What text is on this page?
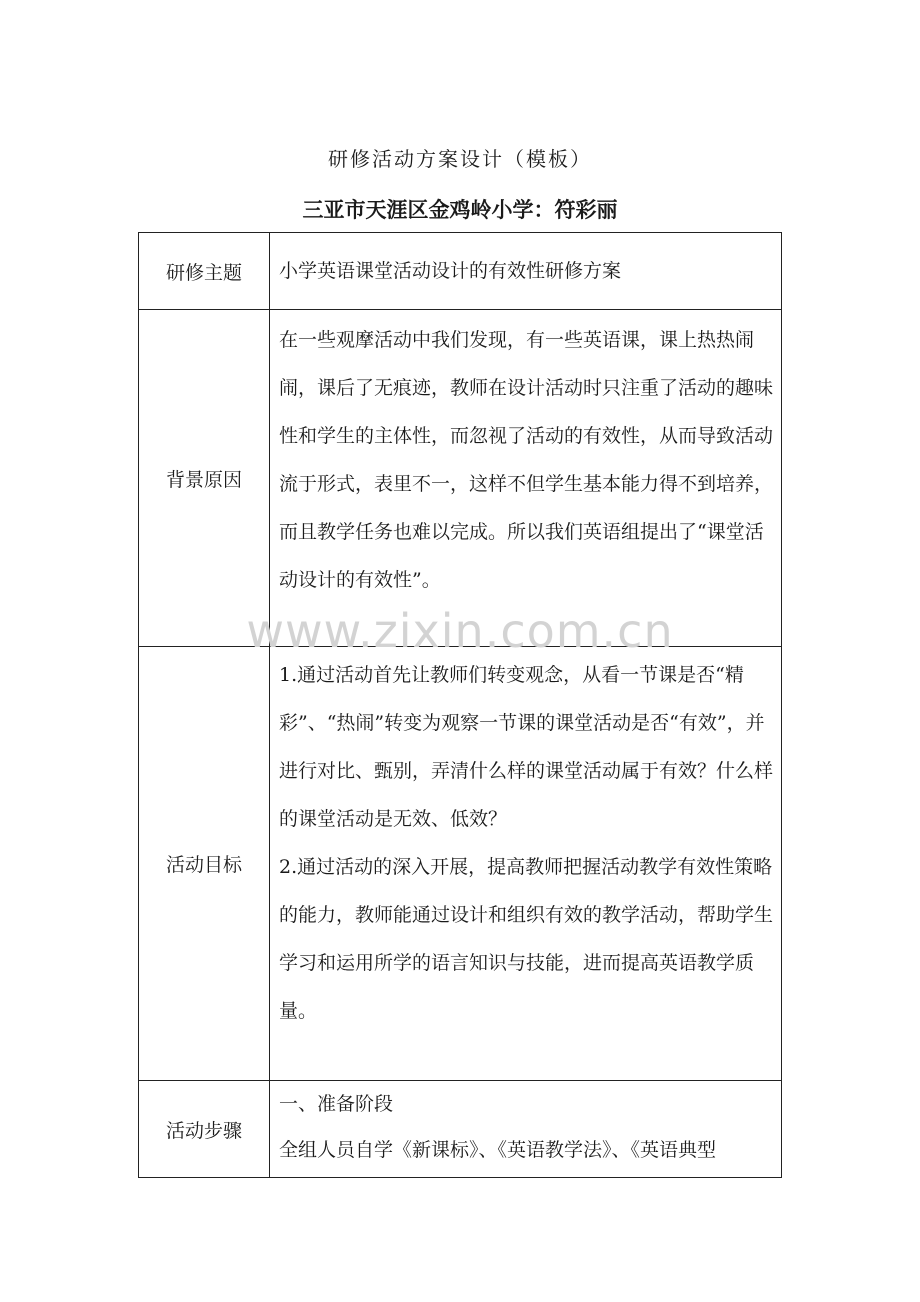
研修活动方案设计（模板）
三亚市天涯区金鸡岭小学：符彩丽
研修主题	小学英语课堂活动设计的有效性研修方案

背景原因	在一些观摩活动中我们发现，有一些英语课，课上热热闹闹，课后了无痕迹，教师在设计活动时只注重了活动的趣味性和学生的主体性，而忽视了活动的有效性，从而导致活动流于形式，表里不一，这样不但学生基本能力得不到培养，而且教学任务也难以完成。所以我们英语组提出了“课堂活动设计的有效性”。

活动目标	1.通过活动首先让教师们转变观念，从看一节课是否“精彩”、“热闹”转变为观察一节课的课堂活动是否“有效”，并进行对比、甄别，弄清什么样的课堂活动属于有效？什么样的课堂活动是无效、低效？

2.通过活动的深入开展，提高教师把握活动教学有效性策略的能力，教师能通过设计和组织有效的教学活动，帮助学生学习和运用所学的语言知识与技能，进而提高英语教学质量。

活动步骤	一、准备阶段

全组人员自学《新课标》、《英语教学法》、《英语典型

www.zixin.com.cn
